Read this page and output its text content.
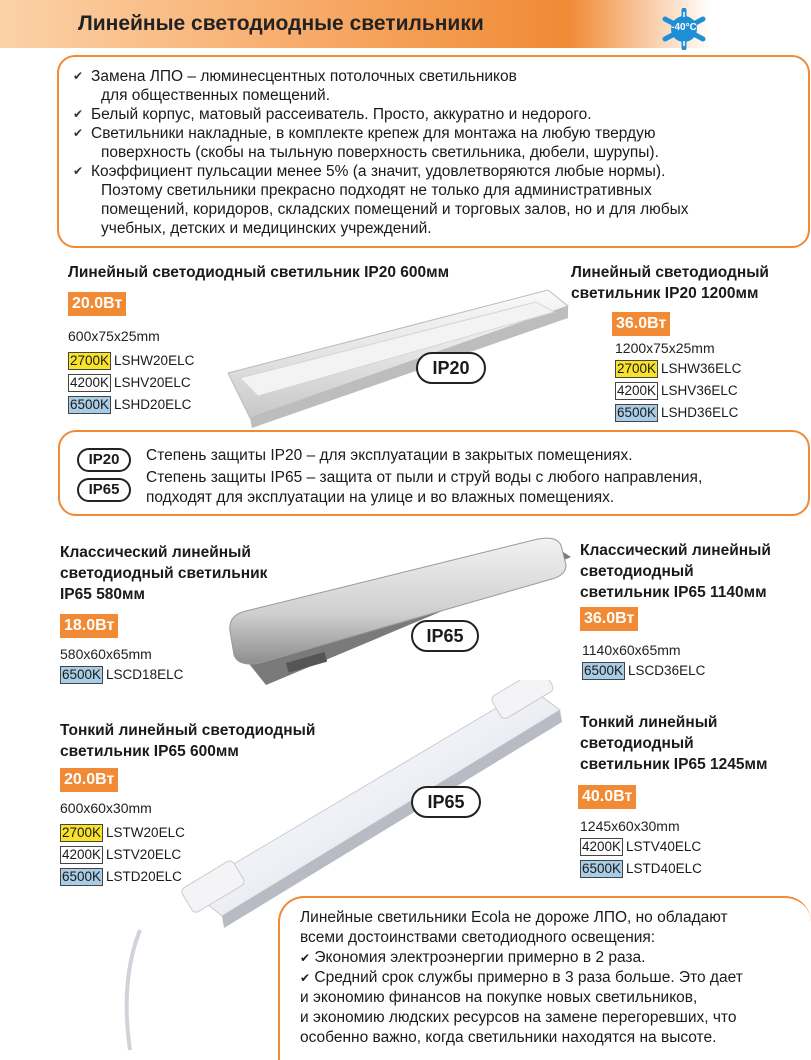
Линейные светодиодные светильники	-40°C

✔ Замена ЛПО – люминесцентных потолочных светильников
для общественных помещений.

✔ Белый корпус, матовый рассеиватель. Просто, аккуратно и недорого.

✔ Светильники накладные, в комплекте крепеж для монтажа на любую твердую
поверхность (скобы на тыльную поверхность светильника, дюбели, шурупы).

✔ Коэффициент пульсации менее 5% (а значит, удовлетворяются любые нормы).
Поэтому светильники прекрасно подходят не только для административных
помещений, коридоров, складских помещений и торговых залов, но и для любых
учебных, детских и медицинских учреждений.

Линейный светодиодный светильник IP20 600мм
20.0Вт
600x75x25mm
2700K LSHW20ELC
4200K LSHV20ELC
6500K LSHD20ELC
IP20
Линейный светодиодный
светильник IP20 1200мм
36.0Вт
1200x75x25mm
2700K LSHW36ELC
4200K LSHV36ELC
6500K LSHD36ELC
IP20
IP65
Степень защиты IP20 – для эксплуатации в закрытых помещениях.
Степень защиты IP65 – защита от пыли и струй воды с любого направления,
подходят для эксплуатации на улице и во влажных помещениях.
Классический линейный
светодиодный светильник
IP65 580мм
18.0Вт
580x60x65mm
6500K LSCD18ELC
IP65
Классический линейный
светодиодный
светильник IP65 1140мм
36.0Вт
1140x60x65mm
6500K LSCD36ELC
Тонкий линейный светодиодный
светильник IP65 600мм
20.0Вт
600x60x30mm
2700K LSTW20ELC
4200K LSTV20ELC
6500K LSTD20ELC
IP65
Тонкий линейный
светодиодный
светильник IP65 1245мм
40.0Вт
1245x60x30mm
4200K LSTV40ELC
6500K LSTD40ELC
Линейные светильники Ecola не дороже ЛПО, но обладают
всеми достоинствами светодиодного освещения:
✔ Экономия электроэнергии примерно в 2 раза.
✔ Средний срок службы примерно в 3 раза больше. Это дает
и экономию финансов на покупке новых светильников,
и экономию людских ресурсов на замене перегоревших, что
особенно важно, когда светильники находятся на высоте.
